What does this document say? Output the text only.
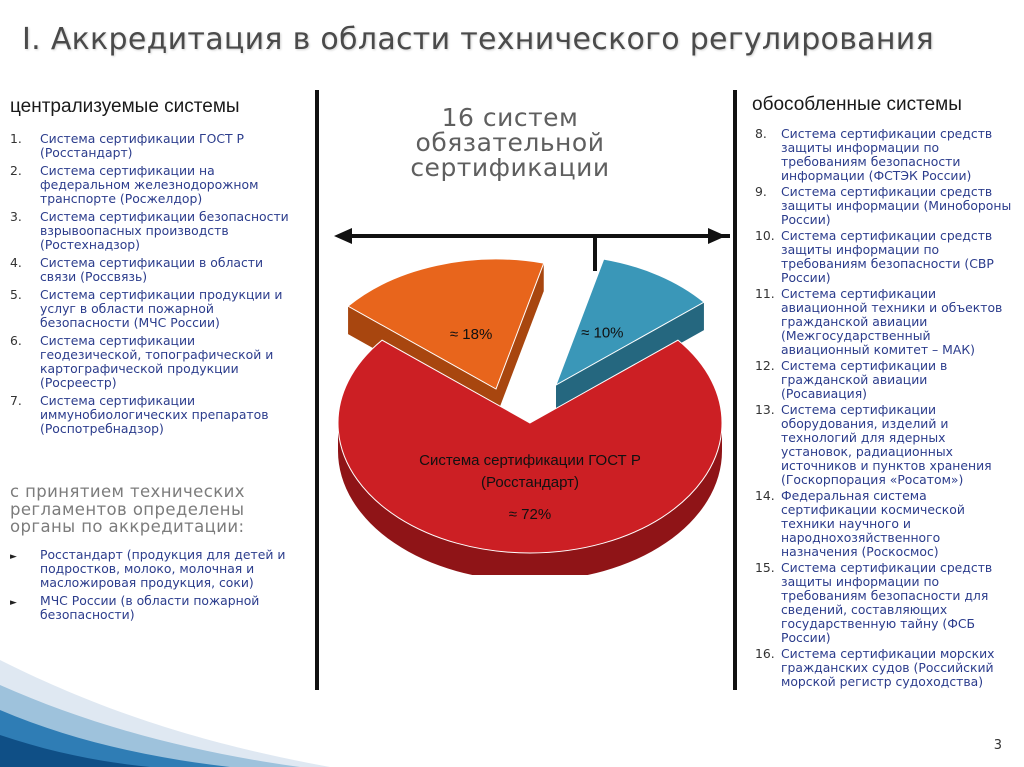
I. Аккредитация в области технического регулирования
централизуемые системы
1.	Система сертификации ГОСТ Р (Росстандарт)
2.	Система сертификации на федеральном железнодорожном транспорте (Росжелдор)
3.	Система сертификации безопасности взрывоопасных производств (Ростехнадзор)
4.	Система сертификации в области связи (Россвязь)
5.	Система сертификации продукции и услуг в области пожарной безопасности (МЧС России)
6.	Система сертификации геодезической, топографической и картографической продукции (Росреестр)
7.	Система сертификации иммунобиологических препаратов (Роспотребнадзор)
с принятием технических регламентов определены органы по аккредитации:
►	Росстандарт (продукция для детей и подростков, молоко, молочная и масложировая продукция, соки)
►	МЧС России (в области пожарной безопасности)
16 систем обязательной сертификации
Система сертификации ГОСТ Р
(Росстандарт)
≈ 72%
≈ 18%	≈ 10%
обособленные системы
8.	Система сертификации средств защиты информации по требованиям безопасности информации (ФСТЭК России)
9.	Система сертификации средств защиты информации (Минобороны России)
10. Система сертификации средств защиты информации по требованиям безопасности (СВР России)
11. Система сертификации авиационной техники и объектов гражданской авиации (Межгосударственный авиационный комитет – МАК)
12. Система сертификации в гражданской авиации (Росавиация)
13. Система сертификации оборудования, изделий и технологий для ядерных установок, радиационных источников и пунктов хранения (Госкорпорация «Росатом»)
14. Федеральная система сертификации космической техники научного и народнохозяйственного назначения (Роскосмос)
15. Система сертификации средств защиты информации по требованиям безопасности для сведений, составляющих государственную тайну (ФСБ России)
16. Система сертификации морских гражданских судов (Российский морской регистр судоходства)
3
